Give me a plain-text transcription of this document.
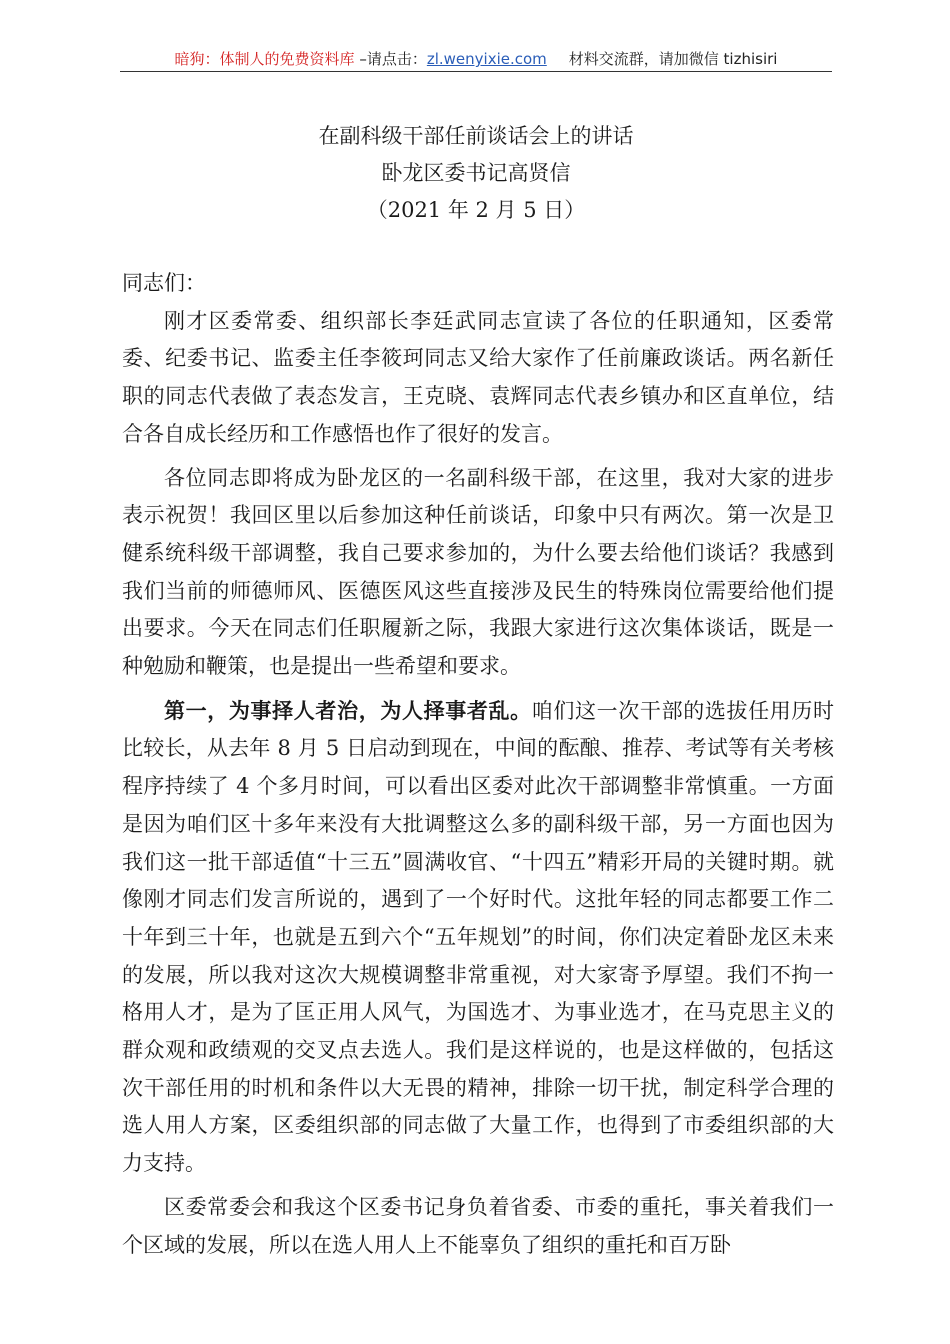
暗狗：体制人的免费资料库 –请点击：zl.wenyixie.com 材料交流群，请加微信 tizhisiri
在副科级干部任前谈话会上的讲话
卧龙区委书记高贤信
（2021 年 2 月 5 日）

同志们：

刚才区委常委、组织部长李廷武同志宣读了各位的任职通知，区委常委、纪委书记、监委主任李筱珂同志又给大家作了任前廉政谈话。两名新任职的同志代表做了表态发言，王克晓、袁辉同志代表乡镇办和区直单位，结合各自成长经历和工作感悟也作了很好的发言。

各位同志即将成为卧龙区的一名副科级干部，在这里，我对大家的进步表示祝贺！我回区里以后参加这种任前谈话，印象中只有两次。第一次是卫健系统科级干部调整，我自己要求参加的，为什么要去给他们谈话？我感到我们当前的师德师风、医德医风这些直接涉及民生的特殊岗位需要给他们提出要求。今天在同志们任职履新之际，我跟大家进行这次集体谈话，既是一种勉励和鞭策，也是提出一些希望和要求。

第一，为事择人者治，为人择事者乱。咱们这一次干部的选拔任用历时比较长，从去年 8 月 5 日启动到现在，中间的酝酿、推荐、考试等有关考核程序持续了 4 个多月时间，可以看出区委对此次干部调整非常慎重。一方面是因为咱们区十多年来没有大批调整这么多的副科级干部，另一方面也因为我们这一批干部适值“十三五”圆满收官、“十四五”精彩开局的关键时期。就像刚才同志们发言所说的，遇到了一个好时代。这批年轻的同志都要工作二十年到三十年，也就是五到六个“五年规划”的时间，你们决定着卧龙区未来的发展，所以我对这次大规模调整非常重视，对大家寄予厚望。我们不拘一格用人才，是为了匡正用人风气，为国选才、为事业选才，在马克思主义的群众观和政绩观的交叉点去选人。我们是这样说的，也是这样做的，包括这次干部任用的时机和条件以大无畏的精神，排除一切干扰，制定科学合理的选人用人方案，区委组织部的同志做了大量工作，也得到了市委组织部的大力支持。

区委常委会和我这个区委书记身负着省委、市委的重托，事关着我们一个区域的发展，所以在选人用人上不能辜负了组织的重托和百万卧
